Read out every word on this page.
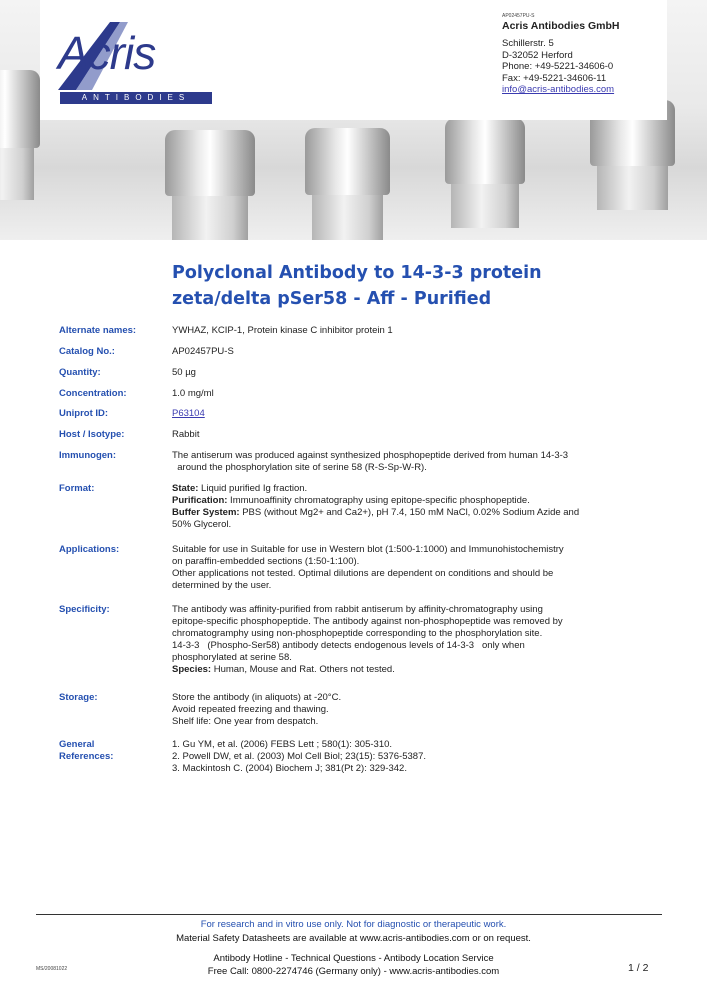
Acris
ANTIBODIES
AP02457PU-S
Acris Antibodies GmbH
Schillerstr. 5
D-32052 Herford
Phone: +49-5221-34606-0
Fax: +49-5221-34606-11
info@acris-antibodies.com
Polyclonal Antibody to 14-3-3 protein
zeta/delta pSer58 - Aff - Purified
Alternate names:	YWHAZ, KCIP-1, Protein kinase C inhibitor protein 1
Catalog No.:	AP02457PU-S
Quantity:	50 µg
Concentration:	1.0 mg/ml
Uniprot ID:	P63104
Host / Isotype:	Rabbit
Immunogen:	The antiserum was produced against synthesized phosphopeptide derived from human 14-3-3
around the phosphorylation site of serine 58 (R-S-Sp-W-R).
Format:	State: Liquid purified Ig fraction.
Purification: Immunoaffinity chromatography using epitope-specific phosphopeptide.
Buffer System: PBS (without Mg2+ and Ca2+), pH 7.4, 150 mM NaCl, 0.02% Sodium Azide and
50% Glycerol.
Applications:	Suitable for use in Suitable for use in Western blot (1:500-1:1000) and Immunohistochemistry
on paraffin-embedded sections (1:50-1:100).
Other applications not tested. Optimal dilutions are dependent on conditions and should be
determined by the user.
Specificity:	The antibody was affinity-purified from rabbit antiserum by affinity-chromatography using
epitope-specific phosphopeptide. The antibody against non-phosphopeptide was removed by
chromatogramphy using non-phosphopeptide corresponding to the phosphorylation site.
14-3-3   (Phospho-Ser58) antibody detects endogenous levels of 14-3-3   only when
phosphorylated at serine 58.
Species: Human, Mouse and Rat. Others not tested.
Storage:	Store the antibody (in aliquots) at -20°C.
Avoid repeated freezing and thawing.
Shelf life: One year from despatch.
General
References:
1. Gu YM, et al. (2006) FEBS Lett ; 580(1): 305-310.
2. Powell DW, et al. (2003) Mol Cell Biol; 23(15): 5376-5387.
3. Mackintosh C. (2004) Biochem J; 381(Pt 2): 329-342.
For research and in vitro use only. Not for diagnostic or therapeutic work.
Material Safety Datasheets are available at www.acris-antibodies.com or on request.
Antibody Hotline - Technical Questions - Antibody Location Service
Free Call: 0800-2274746 (Germany only) - www.acris-antibodies.com
MS/20081022	1 / 2
